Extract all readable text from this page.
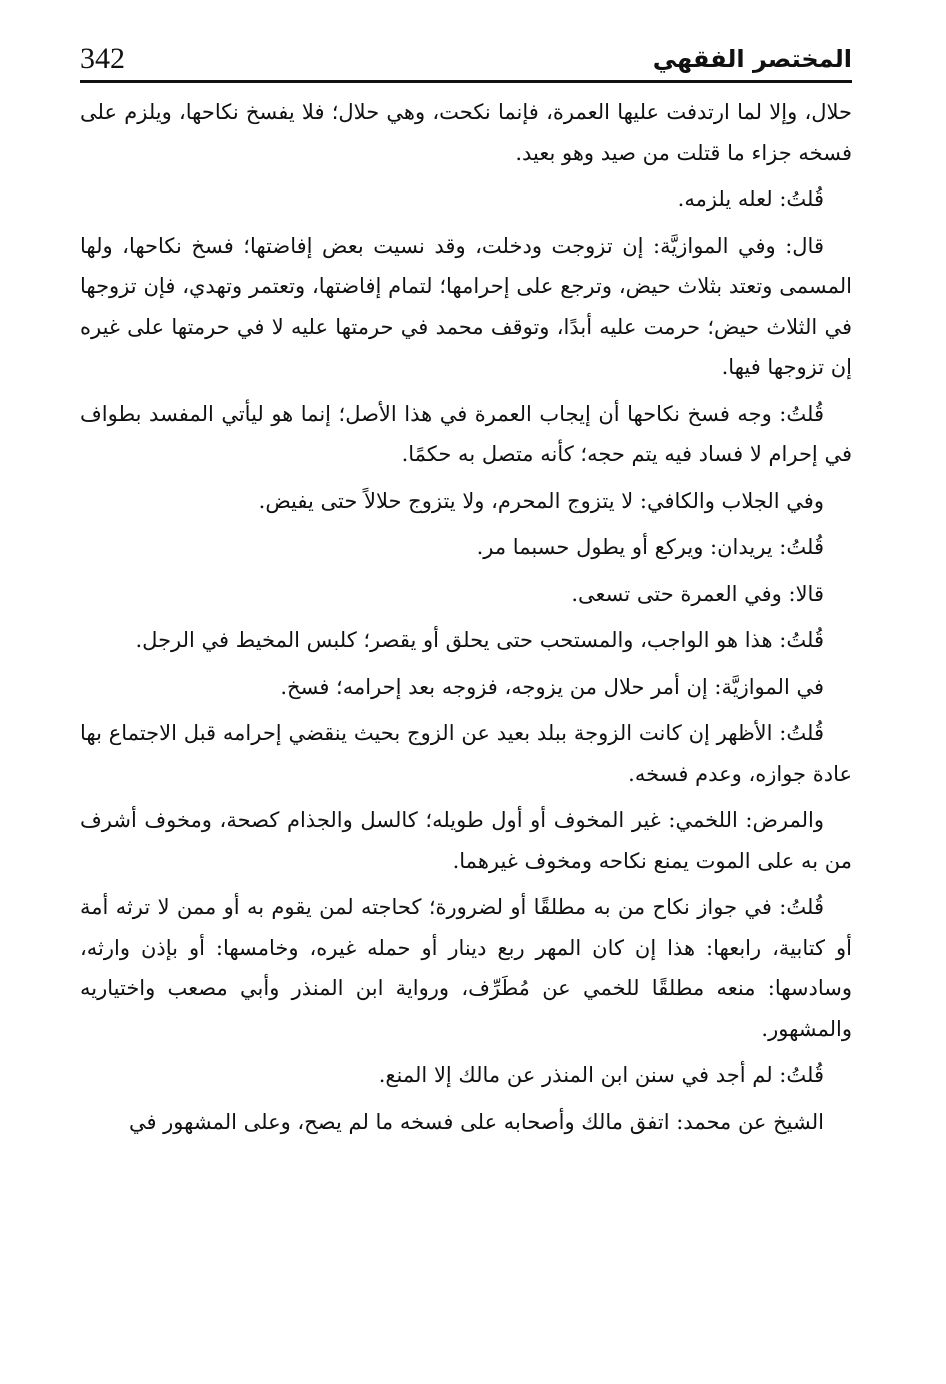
342	المختصر الفقهي

حلال، وإلا لما ارتدفت عليها العمرة، فإنما نكحت، وهي حلال؛ فلا يفسخ نكاحها، ويلزم على فسخه جزاء ما قتلت من صيد وهو بعيد.

قُلتُ: لعله يلزمه.

قال: وفي الموازيَّة: إن تزوجت ودخلت، وقد نسيت بعض إفاضتها؛ فسخ نكاحها، ولها المسمى وتعتد بثلاث حيض، وترجع على إحرامها؛ لتمام إفاضتها، وتعتمر وتهدي، فإن تزوجها في الثلاث حيض؛ حرمت عليه أبدًا، وتوقف محمد في حرمتها عليه لا في حرمتها على غيره إن تزوجها فيها.

قُلتُ: وجه فسخ نكاحها أن إيجاب العمرة في هذا الأصل؛ إنما هو ليأتي المفسد بطواف في إحرام لا فساد فيه يتم حجه؛ كأنه متصل به حكمًا.

وفي الجلاب والكافي: لا يتزوج المحرم، ولا يتزوج حلالاً حتى يفيض.

قُلتُ: يريدان: ويركع أو يطول حسبما مر.

قالا: وفي العمرة حتى تسعى.

قُلتُ: هذا هو الواجب، والمستحب حتى يحلق أو يقصر؛ كلبس المخيط في الرجل.

في الموازيَّة: إن أمر حلال من يزوجه، فزوجه بعد إحرامه؛ فسخ.

قُلتُ: الأظهر إن كانت الزوجة ببلد بعيد عن الزوج بحيث ينقضي إحرامه قبل الاجتماع بها عادة جوازه، وعدم فسخه.

والمرض: اللخمي: غير المخوف أو أول طويله؛ كالسل والجذام كصحة، ومخوف أشرف من به على الموت يمنع نكاحه ومخوف غيرهما.

قُلتُ: في جواز نكاح من به مطلقًا أو لضرورة؛ كحاجته لمن يقوم به أو ممن لا ترثه أمة أو كتابية، رابعها: هذا إن كان المهر ربع دينار أو حمله غيره، وخامسها: أو بإذن وارثه، وسادسها: منعه مطلقًا للخمي عن مُطَرِّف، ورواية ابن المنذر وأبي مصعب واختياريه والمشهور.

قُلتُ: لم أجد في سنن ابن المنذر عن مالك إلا المنع.

الشيخ عن محمد: اتفق مالك وأصحابه على فسخه ما لم يصح، وعلى المشهور في
